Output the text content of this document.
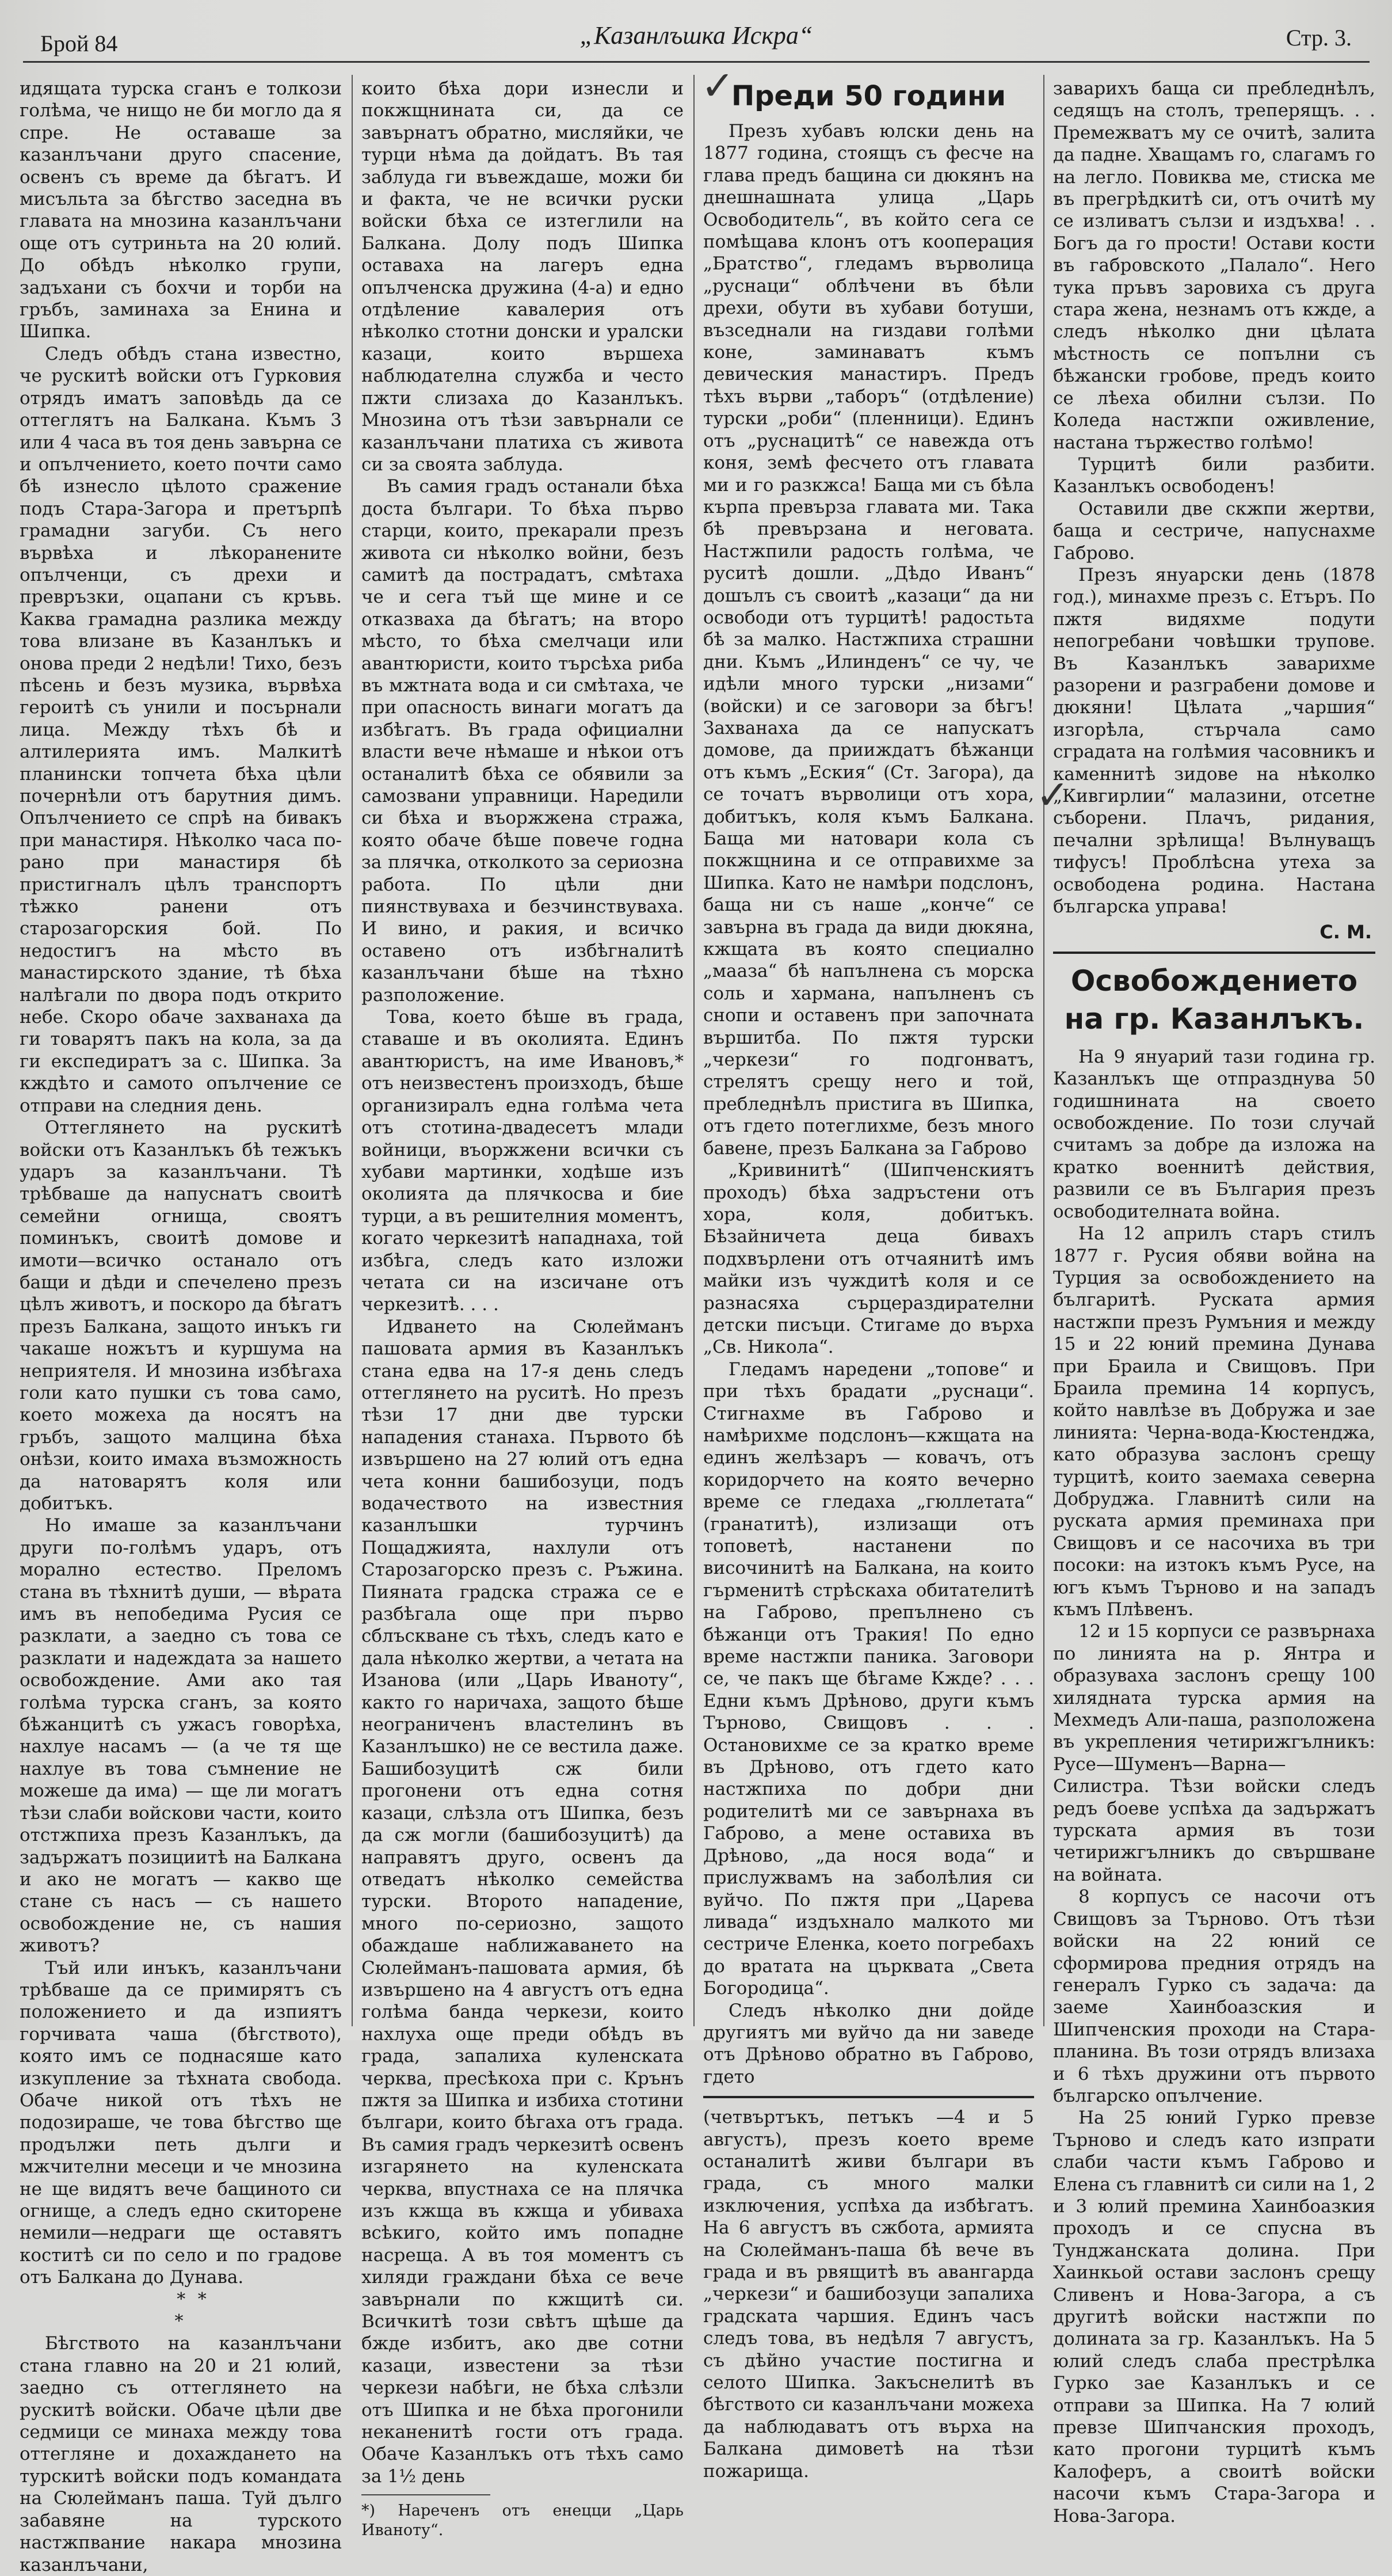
Брой 84	„Казанлъшка Искра“	Стр. 3.

идящата турска сганъ е толкози голѣма, че нищо не би могло да я спре. Не оставаше за казанлъчани друго спасение, освенъ съ време да бѣгатъ. И мисъльта за бѣгство заседна въ главата на мнозина казанлъчани още отъ сутриньта на 20 юлий. До обѣдъ нѣколко групи, задъхани съ бохчи и торби на гръбъ, заминаха за Енина и Шипка.

Следъ обѣдъ стана известно, че рускитѣ войски отъ Гурковия отрядъ иматъ заповѣдь да се оттеглятъ на Балкана. Къмъ 3 или 4 часа въ тоя день завърна се и опълчението, което почти само бѣ изнесло цѣлото сражение подъ Стара-Загора и претърпѣ грамадни загуби. Съ него вървѣха и лѣкоранените опълченци, съ дрехи и превръзки, оцапани съ кръвь. Каква грамадна разлика между това влизане въ Казанлъкъ и онова преди 2 недѣли! Тихо, безъ пѣсень и безъ музика, вървѣха героитѣ съ унили и посърнали лица. Между тѣхъ бѣ и алтилерията имъ. Малкитѣ планински топчета бѣха цѣли почернѣли отъ барутния димъ. Опълчението се спрѣ на бивакъ при манастиря. Нѣколко часа по-рано при манастиря бѣ пристигналъ цѣлъ транспортъ тѣжко ранени отъ старозагорския бой. По недостигъ на мѣсто въ манастирското здание, тѣ бѣха налѣгали по двора подъ открито небе. Скоро обаче захванаха да ги товарятъ пакъ на кола, за да ги експедиратъ за с. Шипка. За кждѣто и самото опълчение се отправи на следния день.

Оттеглянето на рускитѣ войски отъ Казанлъкъ бѣ тежъкъ ударъ за казанлъчани. Тѣ трѣбваше да напуснатъ своитѣ семейни огнища, своятъ поминъкъ, своитѣ домове и имоти—всичко останало отъ бащи и дѣди и спечелено презъ цѣлъ животъ, и поскоро да бѣгатъ презъ Балкана, защото инъкъ ги чакаше ножътъ и куршума на неприятеля. И мнозина избѣгаха голи като пушки съ това само, което можеха да носятъ на гръбъ, защото малцина бѣха онѣзи, които имаха възможность да натоварятъ коля или добитъкъ.

Но имаше за казанлъчани други по-голѣмъ ударъ, отъ морално естество. Преломъ стана въ тѣхнитѣ души, — вѣрата имъ въ непобедима Русия се разклати, а заедно съ това се разклати и надеждата за нашето освобождение. Ами ако тая голѣма турска сганъ, за която бѣжанцитѣ съ ужасъ говорѣха, нахлуе насамъ — (а че тя ще нахлуе въ това съмнение не можеше да има) — ще ли могатъ тѣзи слаби войскови части, които отстжпиха презъ Казанлъкъ, да задържатъ позициитѣ на Балкана и ако не могатъ — какво ще стане съ насъ — съ нашето освобождение не, съ нашия животъ?

Тъй или инъкъ, казанлъчани трѣбваше да се примирятъ съ положението и да изпиятъ горчивата чаша (бѣгството), която имъ се поднасяше като изкупление за тѣхната свобода. Обаче никой отъ тѣхъ не подозираше, че това бѣгство ще продължи петь дълги и мжчителни месеци и че мнозина не ще видятъ вече бащиното си огнище, а следъ едно скиторене немили—недраги ще оставятъ коститѣ си по село и по градове отъ Балкана до Дунава.

* *
*

Бѣгството на казанлъчани стана главно на 20 и 21 юлий, заедно съ оттеглянето на рускитѣ войски. Обаче цѣли две седмици се минаха между това оттегляне и дохаждането на турскитѣ войски подъ командата на Сюлейманъ паша. Туй дълго забавяне на турското настжпвание накара мнозина казанлъчани,

които бѣха дори изнесли и покжщнината си, да се завърнатъ обратно, мисляйки, че турци нѣма да дойдатъ. Въ тая заблуда ги въвеждаше, можи би и факта, че не всички руски войски бѣха се изтеглили на Балкана. Долу подъ Шипка оставаха на лагеръ една опълченска дружина (4-а) и едно отдѣление кавалерия отъ нѣколко стотни донски и уралски казаци, които вършеха наблюдателна служба и често пжти слизаха до Казанлъкъ. Мнозина отъ тѣзи завърнали се казанлъчани платиха съ живота си за своята заблуда.

Въ самия градъ останали бѣха доста българи. То бѣха първо старци, които, прекарали презъ живота си нѣколко войни, безъ самитѣ да пострадатъ, смѣтаха че и сега тъй ще мине и се отказваха да бѣгатъ; на второ мѣсто, то бѣха смелчаци или авантюристи, които търсѣха риба въ мжтната вода и си смѣтаха, че при опасность винаги могатъ да избѣгатъ. Въ града официални власти вече нѣмаше и нѣкои отъ останалитѣ бѣха се обявили за самозвани управници. Наредили си бѣха и въоржжена стража, която обаче бѣше повече годна за плячка, отколкото за сериозна работа. По цѣли дни пиянствуваха и безчинствуваха. И вино, и ракия, и всичко оставено отъ избѣгналитѣ казанлъчани бѣше на тѣхно разположение.

Това, което бѣше въ града, ставаше и въ околията. Единъ авантюристъ, на име Ивановъ,* отъ неизвестенъ произходъ, бѣше организиралъ една голѣма чета отъ стотина-двадесетъ млади войници, въоржжени всички съ хубави мартинки, ходѣше изъ околията да плячкосва и бие турци, а въ решителния моментъ, когато черкезитѣ нападнаха, той избѣга, следъ като изложи четата си на изсичане отъ черкезитѣ. . . .

Идването на Сюлейманъ пашовата армия въ Казанлъкъ стана едва на 17-я день следъ оттеглянето на руситѣ. Но презъ тѣзи 17 дни две турски нападения станаха. Първото бѣ извършено на 27 юлий отъ една чета конни башибозуци, подъ водачеството на известния казанлъшки турчинъ Пощаджията, нахлули отъ Старозагорско презъ с. Ръжина. Пияната градска стража се е разбѣгала още при първо сблъскване съ тѣхъ, следъ като е дала нѣколко жертви, а четата на Изанова (или „Царь Иваноту“, както го наричаха, защото бѣше неограниченъ властелинъ въ Казанлъшко) не се вестила даже. Башибозуцитѣ сж били прогонени отъ една сотня казаци, слѣзла отъ Шипка, безъ да сж могли (башибозуцитѣ) да направятъ друго, освенъ да отведатъ нѣколко семейства турски. Второто нападение, много по-сериозно, защото обаждаше наближаването на Сюлейманъ-пашовата армия, бѣ извършено на 4 августъ отъ една голѣма банда черкези, които нахлуха още преди обѣдъ въ града, запалиха куленската черква, пресѣкоха при с. Крънъ пжтя за Шипка и избиха стотини българи, които бѣгаха отъ града. Въ самия градъ черкезитѣ освенъ изгарянето на куленската черква, впустнаха се на плячка изъ кжща въ кжща и убиваха всѣкиго, който имъ попадне насреща. А въ тоя моментъ съ хиляди граждани бѣха се вече завърнали по кжщитѣ си. Всичкитѣ този свѣтъ щѣше да бжде избитъ, ако две сотни казаци, известени за тѣзи черкези набѣги, не бѣха слѣзли отъ Шипка и не бѣха прогонили неканенитѣ гости отъ града. Обаче Казанлъкъ отъ тѣхъ само за 1½ день

*) Нареченъ отъ енецци „Царь Иваноту“.

Преди 50 години

Презъ хубавъ юлски день на 1877 година, стоящъ съ фесче на глава предъ бащина си дюкянъ на днешнашната улица „Царь Освободитель“, въ който сега се помѣщава клонъ отъ кооперация „Братство“, гледамъ върволица „руснаци“ облѣчени въ бѣли дрехи, обути въ хубави ботуши, възседнали на гиздави голѣми коне, заминаватъ къмъ девическия манастиръ. Предъ тѣхъ върви „таборъ“ (отдѣление) турски „роби“ (пленници). Единъ отъ „руснацитѣ“ се навежда отъ коня, земѣ фесчето отъ главата ми и го разкжса! Баща ми съ бѣла кърпа превърза главата ми. Така бѣ превързана и неговата. Настжпили радость голѣма, че руситѣ дошли. „Дѣдо Иванъ“ дошълъ съ своитѣ „казаци“ да ни освободи отъ турцитѣ! радостьта бѣ за малко. Настжпиха страшни дни. Къмъ „Илинденъ“ се чу, че идѣли много турски „низами“ (войски) и се заговори за бѣгъ! Захванаха да се напускатъ домове, да прииждатъ бѣжанци отъ къмъ „Еския“ (Ст. Загора), да се точатъ върволици отъ хора, добитъкъ, коля къмъ Балкана. Баща ми натовари кола съ покжщнина и се отправихме за Шипка. Като не намѣри подслонъ, баща ни съ наше „конче“ се завърна въ града да види дюкяна, кжщата въ която специално „мааза“ бѣ напълнена съ морска соль и хармана, напълненъ съ снопи и оставенъ при започната вършитба. По пжтя турски „черкези“ го подгонватъ, стрелятъ срещу него и той, пребледнѣлъ пристига въ Шипка, отъ гдето потеглихме, безъ много бавене, презъ Балкана за Габрово

„Кривинитѣ“ (Шипченскиятъ проходъ) бѣха задръстени отъ хора, коля, добитъкъ. Бѣзайничета деца бивахъ подхвърлени отъ отчаянитѣ имъ майки изъ чуждитѣ коля и се разнасяха сърцераздирателни детски писъци. Стигаме до върха „Св. Никола“.

Гледамъ наредени „топове“ и при тѣхъ брадати „руснаци“. Стигнахме въ Габрово и намѣрихме подслонъ—кжщата на единъ желѣзаръ — ковачъ, отъ коридорчето на която вечерно време се гледаха „гюллетата“ (гранатитѣ), излизащи отъ топоветѣ, настанени по височинитѣ на Балкана, на които гърменитѣ стрѣскаха обитателитѣ на Габрово, препълнено съ бѣжанци отъ Тракия! По едно време настжпи паника. Заговори се, че пакъ ще бѣгаме Кжде? . . . Едни къмъ Дрѣново, други къмъ Търново, Свищовъ . . . Остановихме се за кратко време въ Дрѣново, отъ гдето като настжпиха по добри дни родителитѣ ми се завърнаха въ Габрово, а мене оставиха въ Дрѣново, „да нося вода“ и прислужвамъ на заболѣлия си вуйчо. По пжтя при „Царева ливада“ издъхнало малкото ми сестриче Еленка, което погребахъ до вратата на църквата „Света Богородица“.

Следъ нѣколко дни дойде другиятъ ми вуйчо да ни заведе отъ Дрѣново обратно въ Габрово, гдето

(четвъртъкъ, петъкъ —4 и 5 августъ), презъ което време останалитѣ живи българи въ града, съ много малки изключения, успѣха да избѣгатъ. На 6 августъ въ сжбота, армията на Сюлейманъ-паша бѣ вече въ града и въ рвящитѣ въ авангарда „черкези“ и башибозуци запалиха градската чаршия. Единъ часъ следъ това, въ недѣля 7 августъ, съ дѣйно участие постигна и селото Шипка. Закъснелитѣ въ бѣгството си казанлъчани можеха да наблюдаватъ отъ върха на Балкана димоветѣ на тѣзи пожарища.

заварихъ баща си пребледнѣлъ, седящъ на столъ, треперящъ. . . Премежватъ му се очитѣ, залита да падне. Хващамъ го, слагамъ го на легло. Повиква ме, стиска ме въ прегрѣдкитѣ си, отъ очитѣ му се изливатъ сълзи и издъхва! . . Богъ да го прости! Остави кости въ габровското „Палало“. Него тука пръвъ заровиха съ друга стара жена, незнамъ отъ кжде, а следъ нѣколко дни цѣлата мѣстность се попълни съ бѣжански гробове, предъ които се лѣеха обилни сълзи. По Коледа настжпи оживление, настана тържество голѣмо!

Турцитѣ били разбити. Казанлъкъ освободенъ!

Оставили две скжпи жертви, баща и сестриче, напуснахме Габрово.

Презъ януарски день (1878 год.), минахме презъ с. Етъръ. По пжтя видяхме подути непогребани човѣшки трупове. Въ Казанлъкъ заварихме разорени и разграбени домове и дюкяни! Цѣлата „чаршия“ изгорѣла, стърчала само сградата на голѣмия часовникъ и каменнитѣ зидове на нѣколко „Кивгирлии“ малазини, отсетне съборени. Плачъ, ридания, печални зрѣлища! Вълнуващъ тифусъ! Проблѣсна утеха за освободена родина. Настана българска управа!

С. М.
Освобождението на гр. Казанлъкъ.

На 9 януарий тази година гр. Казанлъкъ ще отпразднува 50 годишнината на своето освобождение. По този случай считамъ за добре да изложа на кратко военнитѣ действия, развили се въ България презъ освободителната война.

На 12 априлъ старъ стилъ 1877 г. Русия обяви война на Турция за освобождението на българитѣ. Руската армия настжпи презъ Румъния и между 15 и 22 юний премина Дунава при Браила и Свищовъ. При Браила премина 14 корпусъ, който навлѣзе въ Добружа и зае линията: Черна-вода-Кюстенджа, като образува заслонъ срещу турцитѣ, които заемаха северна Добруджа. Главнитѣ сили на руската армия преминаха при Свищовъ и се насочиха въ три посоки: на изтокъ къмъ Русе, на югъ къмъ Търново и на западъ къмъ Плѣвенъ.

12 и 15 корпуси се развърнаха по линията на р. Янтра и образуваха заслонъ срещу 100 хилядната турска армия на Мехмедъ Али-паша, разположена въ укрепления четирижгълникъ: Русе—Шуменъ—Варна—Силистра. Тѣзи войски следъ редъ боеве успѣха да задържатъ турската армия въ този четирижгълникъ до свършване на войната.

8 корпусъ се насочи отъ Свищовъ за Търново. Отъ тѣзи войски на 22 юний се сформирова предния отрядъ на генералъ Гурко съ задача: да заеме Хаинбоазския и Шипченския проходи на Стара-планина. Въ този отрядъ влизаха и 6 тѣхъ дружини отъ първото българско опълчение.

На 25 юний Гурко превзе Търново и следъ като изпрати слаби части къмъ Габрово и Елена съ главнитѣ си сили на 1, 2 и 3 юлий премина Хаинбоазкия проходъ и се спусна въ Тунджанската долина. При Хаинкьой остави заслонъ срещу Сливенъ и Нова-Загора, а съ другитѣ войски настжпи по долината за гр. Казанлъкъ. На 5 юлий следъ слаба престрѣлка Гурко зае Казанлъкъ и се отправи за Шипка. На 7 юлий превзе Шипчанския проходъ, като прогони турцитѣ къмъ Калоферъ, а своитѣ войски насочи къмъ Стара-Загора и Нова-Загора.

✓
✓
